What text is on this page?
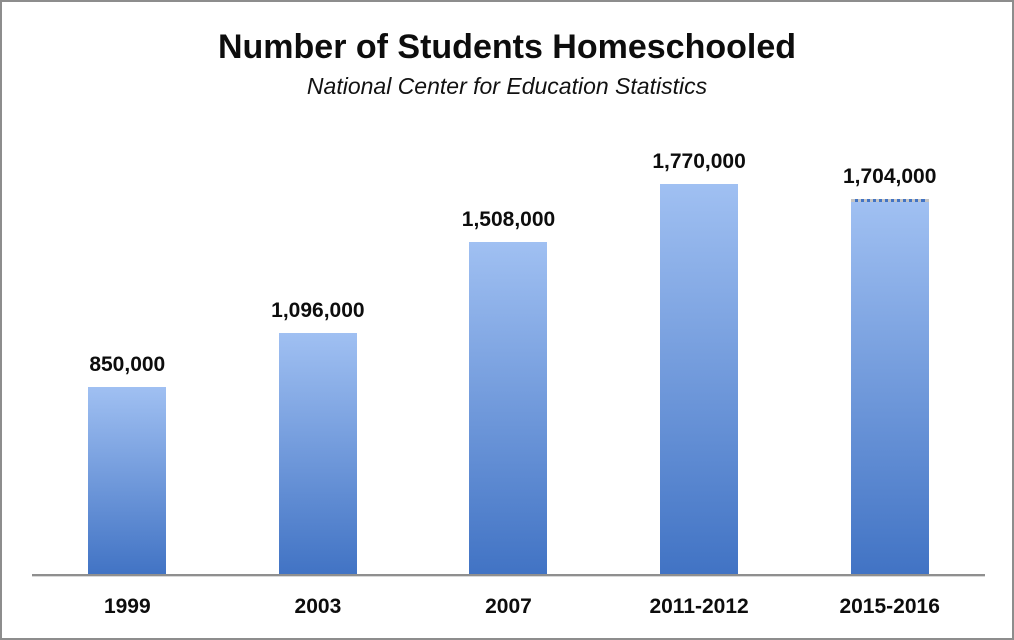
Number of Students Homeschooled
National Center for Education Statistics
850,000
1,096,000
1,508,000
1,770,000
1,704,000
1999	2003	2007	2011-2012	2015-2016
